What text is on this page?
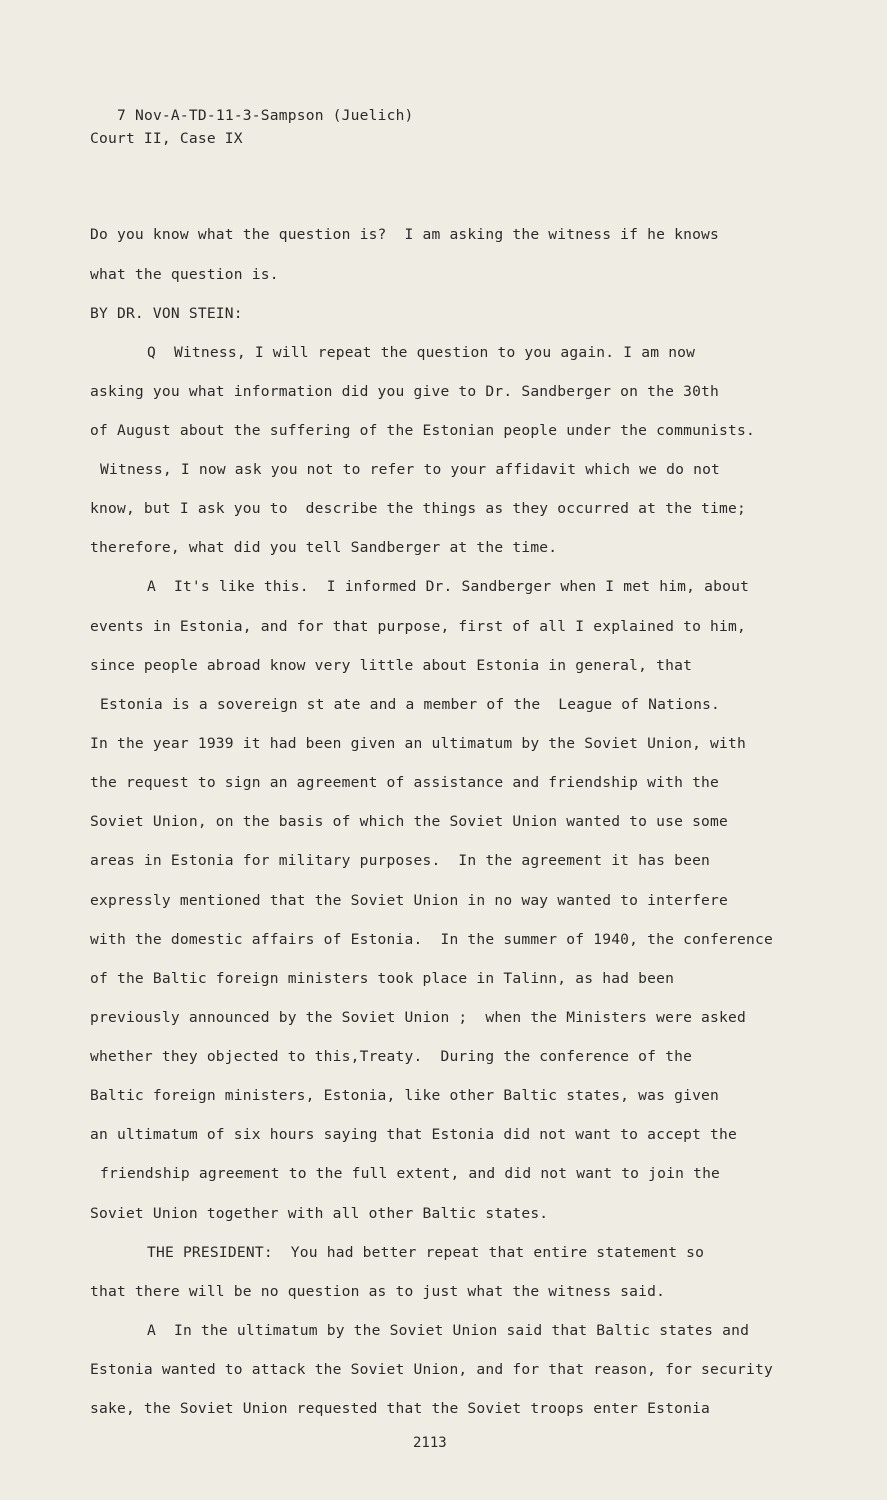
7 Nov-A-TD-11-3-Sampson (Juelich)
Court II, Case IX
Do you know what the question is?  I am asking the witness if he knows
what the question is.
BY DR. VON STEIN:
Q  Witness, I will repeat the question to you again. I am now
asking you what information did you give to Dr. Sandberger on the 30th
of August about the suffering of the Estonian people under the communists.
Witness, I now ask you not to refer to your affidavit which we do not
know, but I ask you to  describe the things as they occurred at the time;
therefore, what did you tell Sandberger at the time.
A  It's like this.  I informed Dr. Sandberger when I met him, about
events in Estonia, and for that purpose, first of all I explained to him,
since people abroad know very little about Estonia in general, that
Estonia is a sovereign st ate and a member of the  League of Nations.
In the year 1939 it had been given an ultimatum by the Soviet Union, with
the request to sign an agreement of assistance and friendship with the
Soviet Union, on the basis of which the Soviet Union wanted to use some
areas in Estonia for military purposes.  In the agreement it has been
expressly mentioned that the Soviet Union in no way wanted to interfere
with the domestic affairs of Estonia.  In the summer of 1940, the conference
of the Baltic foreign ministers took place in Talinn, as had been
previously announced by the Soviet Union ;  when the Ministers were asked
whether they objected to this,Treaty.  During the conference of the
Baltic foreign ministers, Estonia, like other Baltic states, was given
an ultimatum of six hours saying that Estonia did not want to accept the
friendship agreement to the full extent, and did not want to join the
Soviet Union together with all other Baltic states.
THE PRESIDENT:  You had better repeat that entire statement so
that there will be no question as to just what the witness said.
A  In the ultimatum by the Soviet Union said that Baltic states and
Estonia wanted to attack the Soviet Union, and for that reason, for security
sake, the Soviet Union requested that the Soviet troops enter Estonia
2113
